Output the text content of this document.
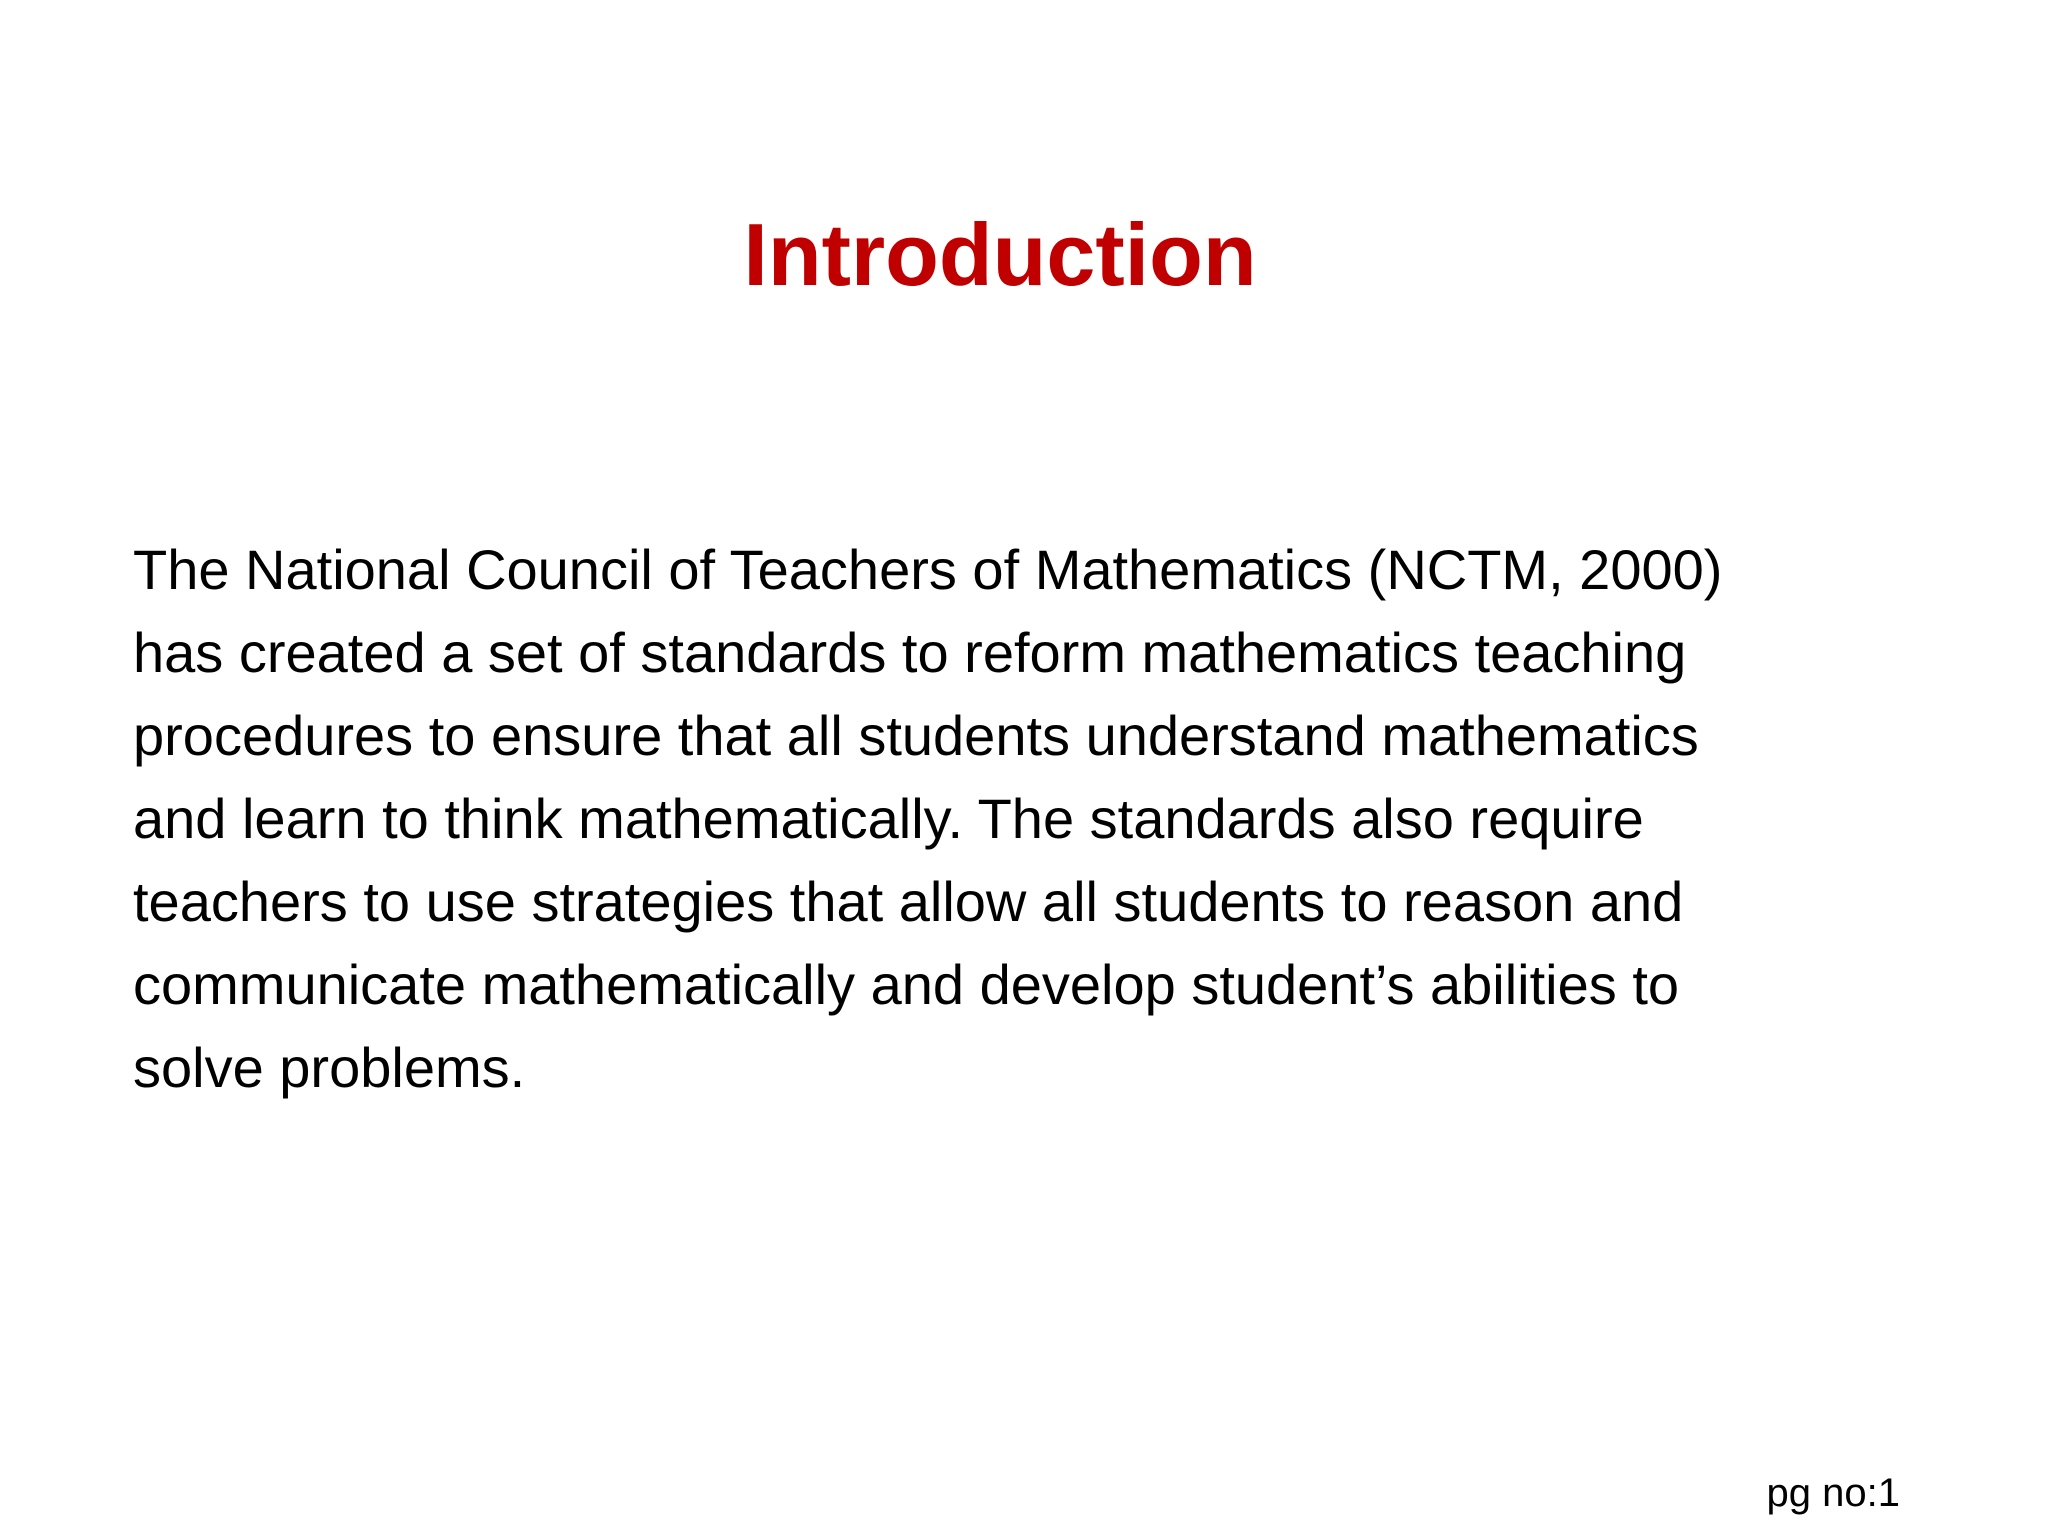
Introduction
The National Council of Teachers of Mathematics (NCTM, 2000)
has created a set of standards to reform mathematics teaching
procedures to ensure that all students understand mathematics
and learn to think mathematically. The standards also require
teachers to use strategies that allow all students to reason and
communicate mathematically and develop student’s abilities to
solve problems.
pg no:1
